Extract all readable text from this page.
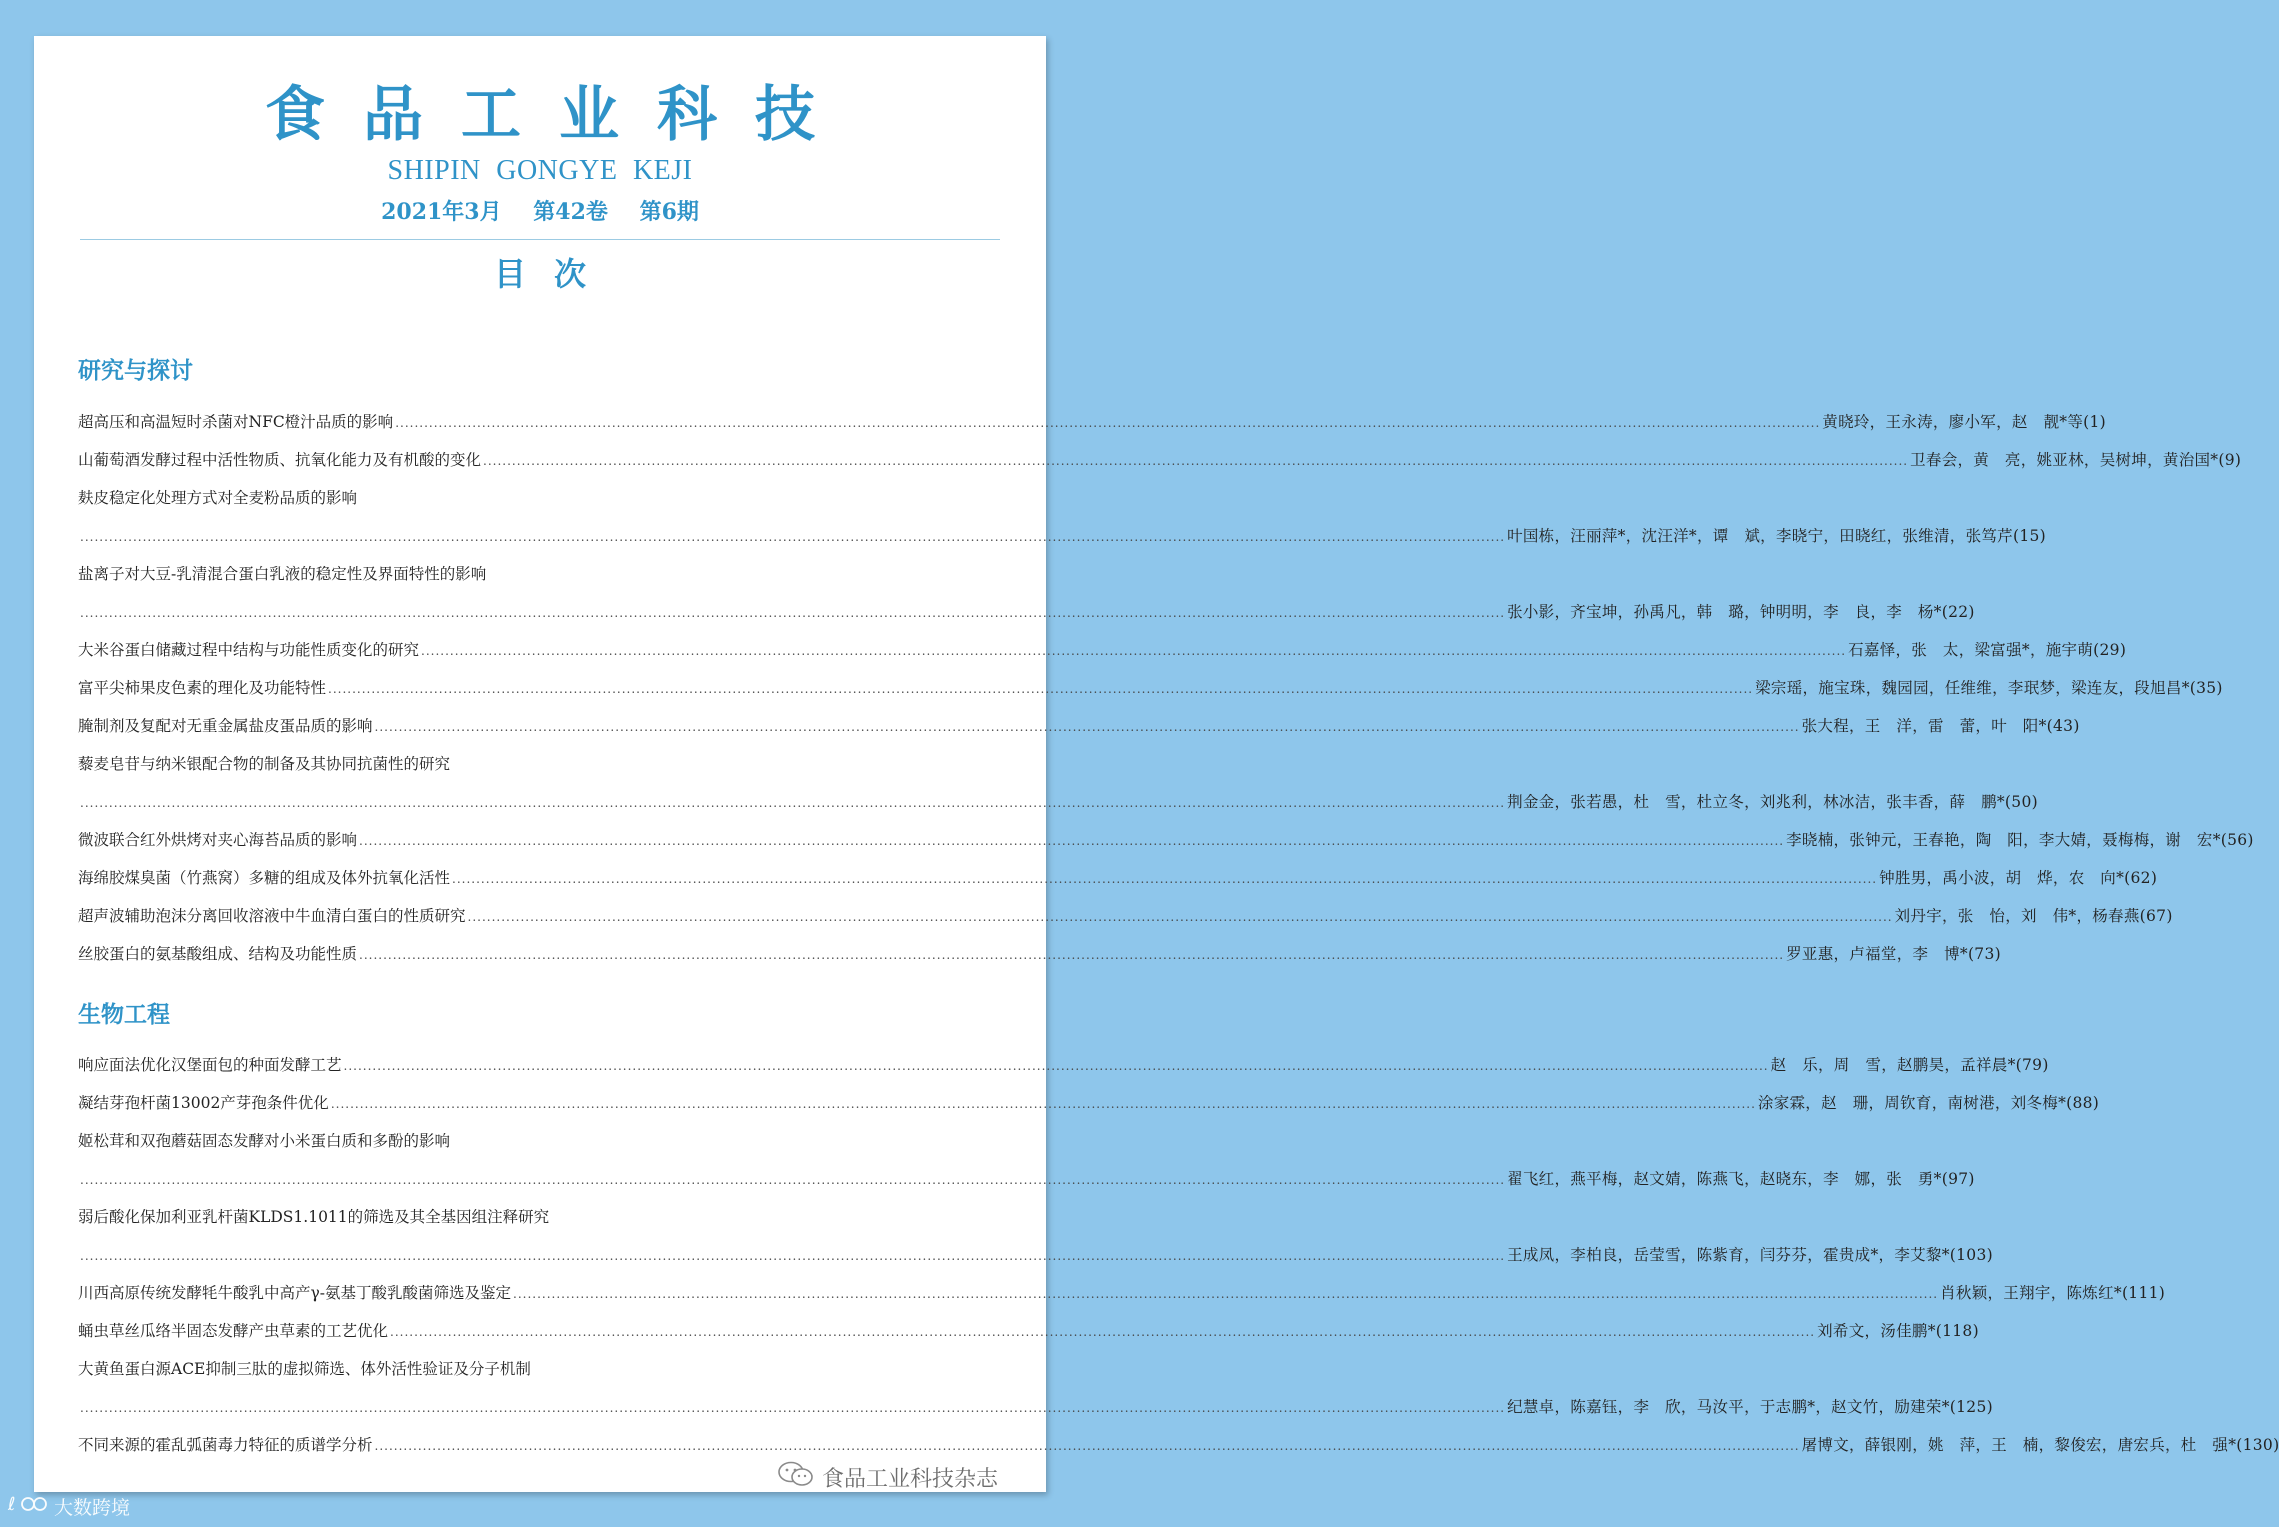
食品工业科技
SHIPIN GONGYE KEJI
2021年3月 第42卷 第6期
目次
研究与探讨
超高压和高温短时杀菌对NFC橙汁品质的影响 ........................................................................................................................................................................................................................................................................................................ 黄晓玲，王永涛，廖小军，赵　靓*等(1)
山葡萄酒发酵过程中活性物质、抗氧化能力及有机酸的变化 ........................................................................................................................................................................................................................................................................................................ 卫春会，黄　亮，姚亚林，吴树坤，黄治国*(9)
麸皮稳定化处理方式对全麦粉品质的影响
........................................................................................................................................................................................................................................................................................................ 叶国栋，汪丽萍*，沈汪洋*，谭　斌，李晓宁，田晓红，张维清，张笃芹(15)
盐离子对大豆-乳清混合蛋白乳液的稳定性及界面特性的影响
........................................................................................................................................................................................................................................................................................................ 张小影，齐宝坤，孙禹凡，韩　璐，钟明明，李　良，李　杨*(22)
大米谷蛋白储藏过程中结构与功能性质变化的研究 ........................................................................................................................................................................................................................................................................................................ 石嘉怿，张　太，梁富强*，施宇萌(29)
富平尖柿果皮色素的理化及功能特性 ........................................................................................................................................................................................................................................................................................................ 梁宗瑶，施宝珠，魏园园，任维维，李珉梦，梁连友，段旭昌*(35)
腌制剂及复配对无重金属盐皮蛋品质的影响 ........................................................................................................................................................................................................................................................................................................ 张大程，王　洋，雷　蕾，叶　阳*(43)
藜麦皂苷与纳米银配合物的制备及其协同抗菌性的研究
........................................................................................................................................................................................................................................................................................................ 荆金金，张若愚，杜　雪，杜立冬，刘兆利，林冰洁，张丰香，薛　鹏*(50)
微波联合红外烘烤对夹心海苔品质的影响 ........................................................................................................................................................................................................................................................................................................ 李晓楠，张钟元，王春艳，陶　阳，李大婧，聂梅梅，谢　宏*(56)
海绵胶煤臭菌（竹燕窝）多糖的组成及体外抗氧化活性 ........................................................................................................................................................................................................................................................................................................ 钟胜男，禹小波，胡　烨，农　向*(62)
超声波辅助泡沫分离回收溶液中牛血清白蛋白的性质研究 ........................................................................................................................................................................................................................................................................................................ 刘丹宇，张　怡，刘　伟*，杨春燕(67)
丝胶蛋白的氨基酸组成、结构及功能性质 ........................................................................................................................................................................................................................................................................................................ 罗亚惠，卢福堂，李　博*(73)
生物工程
响应面法优化汉堡面包的种面发酵工艺 ........................................................................................................................................................................................................................................................................................................ 赵　乐，周　雪，赵鹏昊，孟祥晨*(79)
凝结芽孢杆菌13002产芽孢条件优化 ........................................................................................................................................................................................................................................................................................................ 涂家霖，赵　珊，周钦育，南树港，刘冬梅*(88)
姬松茸和双孢蘑菇固态发酵对小米蛋白质和多酚的影响
........................................................................................................................................................................................................................................................................................................ 翟飞红，燕平梅，赵文婧，陈燕飞，赵晓东，李　娜，张　勇*(97)
弱后酸化保加利亚乳杆菌KLDS1.1011的筛选及其全基因组注释研究
........................................................................................................................................................................................................................................................................................................ 王成凤，李柏良，岳莹雪，陈紫育，闫芬芬，霍贵成*，李艾黎*(103)
川西高原传统发酵牦牛酸乳中高产γ-氨基丁酸乳酸菌筛选及鉴定 ........................................................................................................................................................................................................................................................................................................ 肖秋颖，王翔宇，陈炼红*(111)
蛹虫草丝瓜络半固态发酵产虫草素的工艺优化 ........................................................................................................................................................................................................................................................................................................ 刘希文，汤佳鹏*(118)
大黄鱼蛋白源ACE抑制三肽的虚拟筛选、体外活性验证及分子机制
........................................................................................................................................................................................................................................................................................................ 纪慧卓，陈嘉钰，李　欣，马汝平，于志鹏*，赵文竹，励建荣*(125)
不同来源的霍乱弧菌毒力特征的质谱学分析 ........................................................................................................................................................................................................................................................................................................ 屠博文，薛银刚，姚　萍，王　楠，黎俊宏，唐宏兵，杜　强*(130)
食品工业科技杂志
ℓ 大数跨境
